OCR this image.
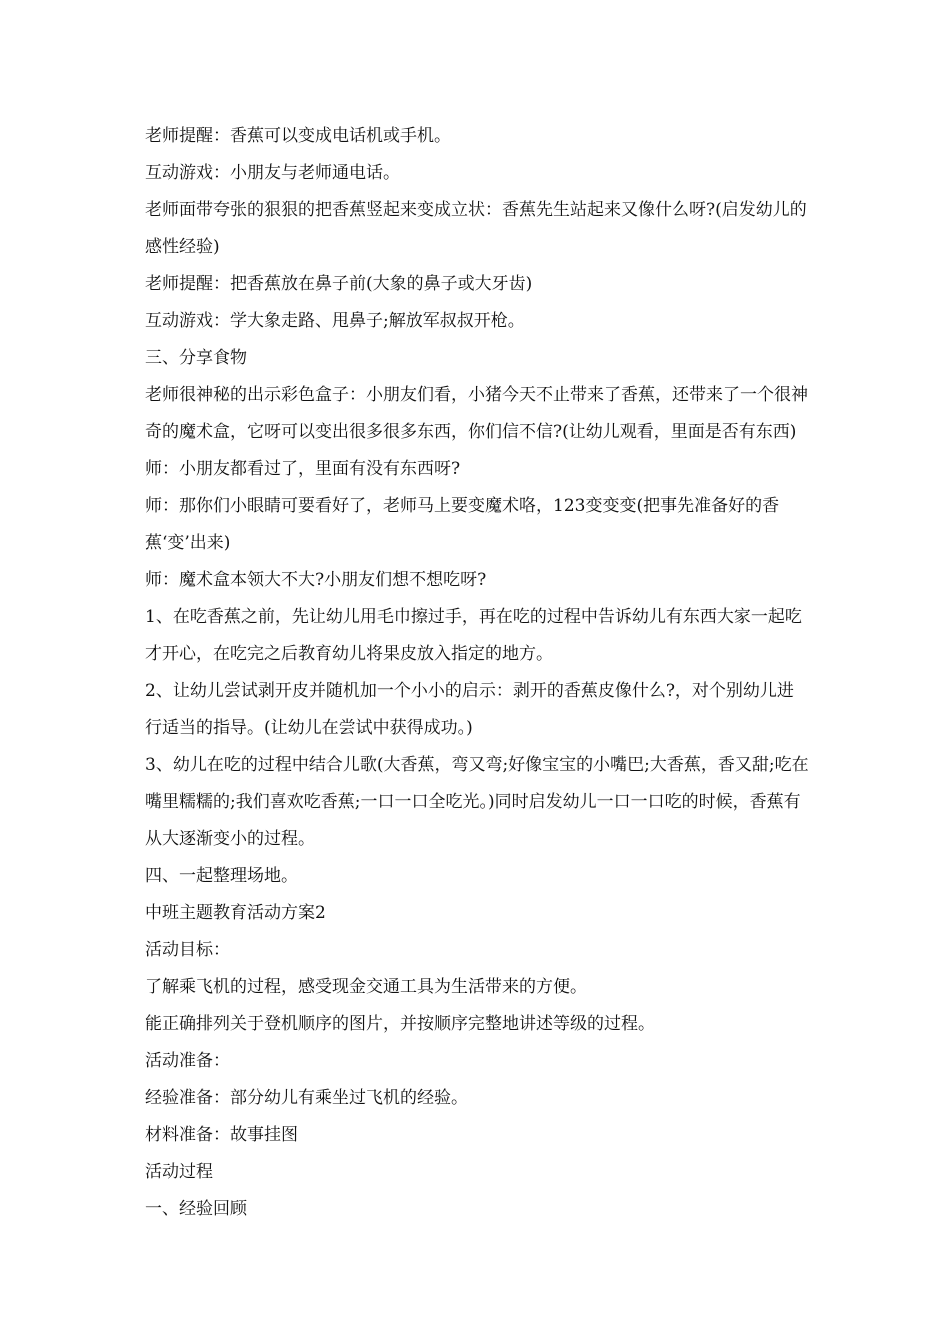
老师提醒：香蕉可以变成电话机或手机。

互动游戏：小朋友与老师通电话。

老师面带夸张的狠狠的把香蕉竖起来变成立状：香蕉先生站起来又像什么呀?(启发幼儿的感性经验)

老师提醒：把香蕉放在鼻子前(大象的鼻子或大牙齿)

互动游戏：学大象走路、甩鼻子;解放军叔叔开枪。

三、分享食物

老师很神秘的出示彩色盒子：小朋友们看，小猪今天不止带来了香蕉，还带来了一个很神奇的魔术盒，它呀可以变出很多很多东西，你们信不信?(让幼儿观看，里面是否有东西)

师：小朋友都看过了，里面有没有东西呀?

师：那你们小眼睛可要看好了，老师马上要变魔术咯，123变变变(把事先准备好的香蕉‘变’出来)

师：魔术盒本领大不大?小朋友们想不想吃呀?

1、在吃香蕉之前，先让幼儿用毛巾擦过手，再在吃的过程中告诉幼儿有东西大家一起吃才开心，在吃完之后教育幼儿将果皮放入指定的地方。

2、让幼儿尝试剥开皮并随机加一个小小的启示：剥开的香蕉皮像什么?，对个别幼儿进行适当的指导。(让幼儿在尝试中获得成功。)

3、幼儿在吃的过程中结合儿歌(大香蕉，弯又弯;好像宝宝的小嘴巴;大香蕉，香又甜;吃在嘴里糯糯的;我们喜欢吃香蕉;一口一口全吃光。)同时启发幼儿一口一口吃的时候，香蕉有从大逐渐变小的过程。

四、一起整理场地。

中班主题教育活动方案2

活动目标：

了解乘飞机的过程，感受现金交通工具为生活带来的方便。

能正确排列关于登机顺序的图片，并按顺序完整地讲述等级的过程。

活动准备：

经验准备：部分幼儿有乘坐过飞机的经验。

材料准备：故事挂图

活动过程

一、经验回顾
